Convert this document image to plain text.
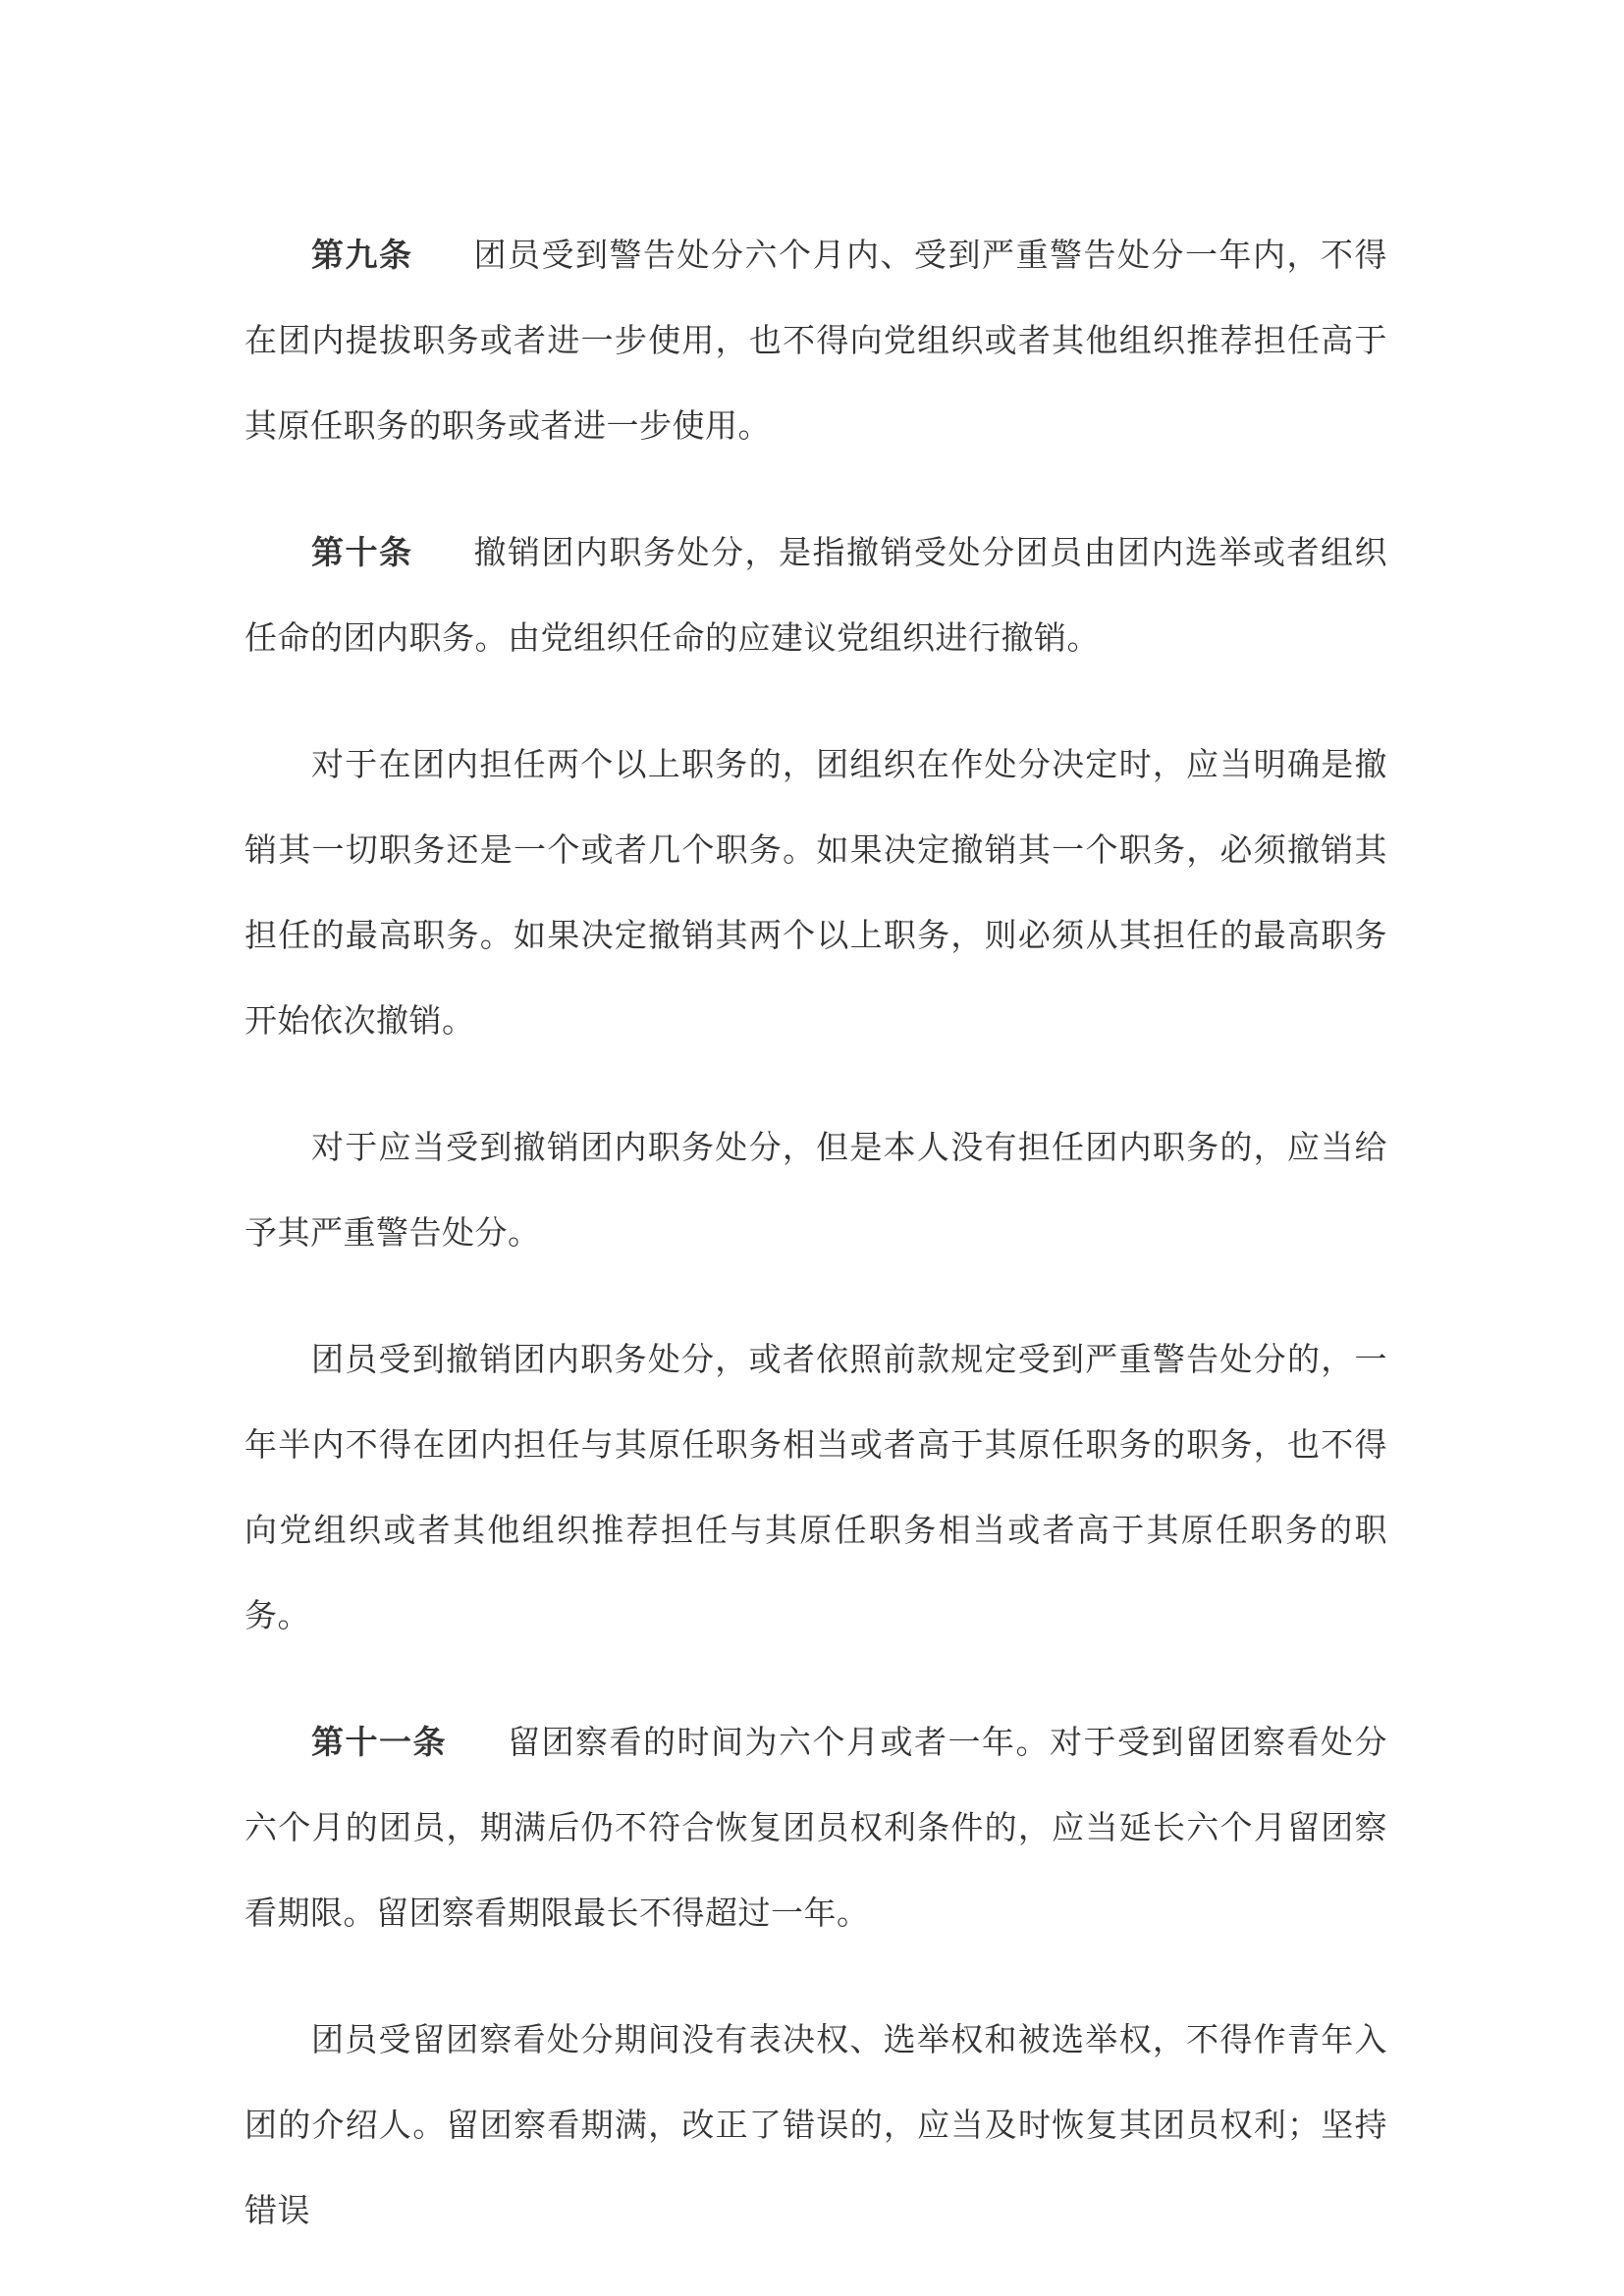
第九条 团员受到警告处分六个月内、受到严重警告处分一年内，不得在团内提拔职务或者进一步使用，也不得向党组织或者其他组织推荐担任高于其原任职务的职务或者进一步使用。

第十条 撤销团内职务处分，是指撤销受处分团员由团内选举或者组织任命的团内职务。由党组织任命的应建议党组织进行撤销。

对于在团内担任两个以上职务的，团组织在作处分决定时，应当明确是撤销其一切职务还是一个或者几个职务。如果决定撤销其一个职务，必须撤销其担任的最高职务。如果决定撤销其两个以上职务，则必须从其担任的最高职务开始依次撤销。

对于应当受到撤销团内职务处分，但是本人没有担任团内职务的，应当给予其严重警告处分。

团员受到撤销团内职务处分，或者依照前款规定受到严重警告处分的，一年半内不得在团内担任与其原任职务相当或者高于其原任职务的职务，也不得向党组织或者其他组织推荐担任与其原任职务相当或者高于其原任职务的职务。

第十一条 留团察看的时间为六个月或者一年。对于受到留团察看处分六个月的团员，期满后仍不符合恢复团员权利条件的，应当延长六个月留团察看期限。留团察看期限最长不得超过一年。

团员受留团察看处分期间没有表决权、选举权和被选举权，不得作青年入团的介绍人。留团察看期满，改正了错误的，应当及时恢复其团员权利；坚持错误
